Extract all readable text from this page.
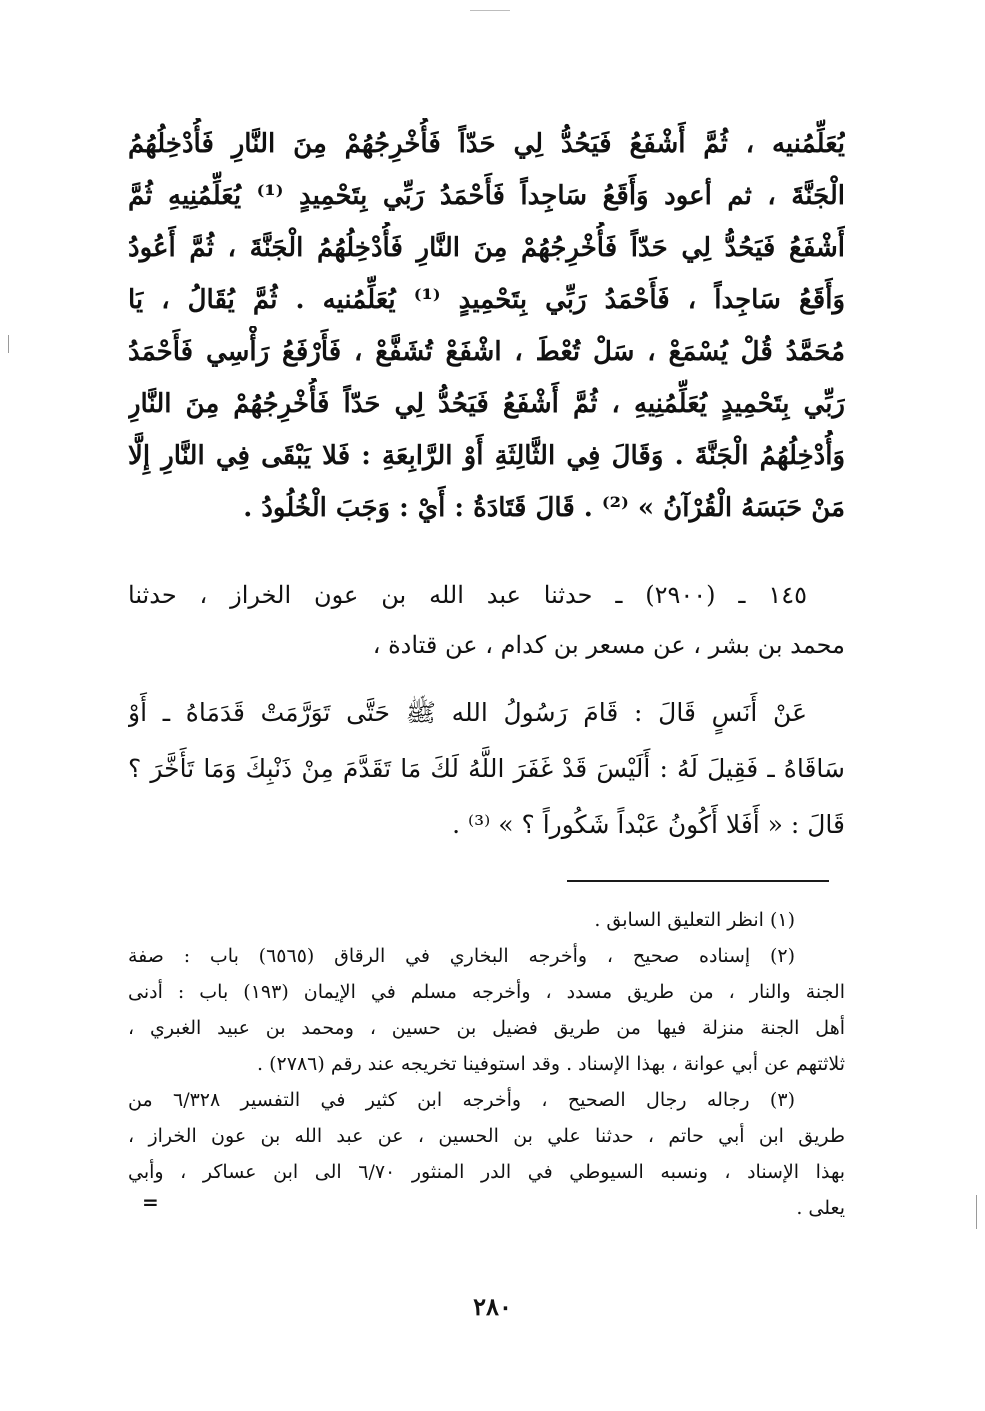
يُعَلِّمُنيه ، ثُمَّ أَشْفَعُ فَيَحُدُّ لِي حَدّاً فَأُخْرِجُهُمْ مِنَ النَّارِ فَأُدْخِلُهُمُ
الْجَنَّةَ ، ثم أعود وَأَقَعُ سَاجِداً فَأَحْمَدُ رَبِّي بِتَحْمِيدٍ ⁽¹⁾ يُعَلِّمُنِيهِ ثُمَّ
أَشْفَعُ فَيَحُدُّ لِي حَدّاً فَأُخْرِجُهُمْ مِنَ النَّارِ فَأُدْخِلُهُمُ الْجَنَّةَ ، ثُمَّ أَعُودُ
وَأَقَعُ سَاجِداً ، فَأَحْمَدُ رَبِّي بِتَحْمِيدٍ ⁽¹⁾ يُعَلِّمُنيه . ثُمَّ يُقَالُ ، يَا
مُحَمَّدُ قُلْ يُسْمَعْ ، سَلْ تُعْطَ ، اشْفَعْ تُشَفَّعْ ، فَأَرْفَعُ رَأْسِي فَأَحْمَدُ
رَبِّي بِتَحْمِيدٍ يُعَلِّمُنِيهِ ، ثُمَّ أَشْفَعُ فَيَحُدُّ لِي حَدّاً فَأُخْرِجُهُمْ مِنَ النَّارِ
وَأُدْخِلُهُمُ الْجَنَّةَ . وَقَالَ فِي الثَّالِثَةِ أَوْ الرَّابِعَةِ : فَلا يَبْقَى فِي النَّارِ إِلَّا
مَنْ حَبَسَهُ الْقُرْآنُ » ⁽²⁾ . قَالَ قَتَادَةُ : أَيْ : وَجَبَ الْخُلُودُ .
١٤٥ ـ (٢٩٠٠) ـ حدثنا عبد الله بن عون الخراز ، حدثنا
محمد بن بشر ، عن مسعر بن كدام ، عن قتادة ،
عَنْ أَنَسٍ قَالَ : قَامَ رَسُولُ الله ﷺ حَتَّى تَوَرَّمَتْ قَدَمَاهُ ـ أَوْ
سَاقَاهُ ـ فَقِيلَ لَهُ : أَلَيْسَ قَدْ غَفَرَ اللَّهُ لَكَ مَا تَقَدَّمَ مِنْ ذَنْبِكَ وَمَا تَأَخَّرَ ؟
قَالَ : « أَفَلا أَكُونُ عَبْداً شَكُوراً ؟ » ⁽³⁾ .
(١) انظر التعليق السابق .
(٢) إسناده صحيح ، وأخرجه البخاري في الرقاق (٦٥٦٥) باب : صفة
الجنة والنار ، من طريق مسدد ، وأخرجه مسلم في الإيمان (١٩٣) باب : أدنى
أهل الجنة منزلة فيها من طريق فضيل بن حسين ، ومحمد بن عبيد الغبري ،
ثلاثتهم عن أبي عوانة ، بهذا الإسناد . وقد استوفينا تخريجه عند رقم (٢٧٨٦) .
(٣) رجاله رجال الصحيح ، وأخرجه ابن كثير في التفسير ٦/٣٢٨ من
طريق ابن أبي حاتم ، حدثنا علي بن الحسين ، عن عبد الله بن عون الخراز ،
بهذا الإسناد ، ونسبه السيوطي في الدر المنثور ٦/٧٠ الى ابن عساكر ، وأبي
يعلى .
=
٢٨٠
